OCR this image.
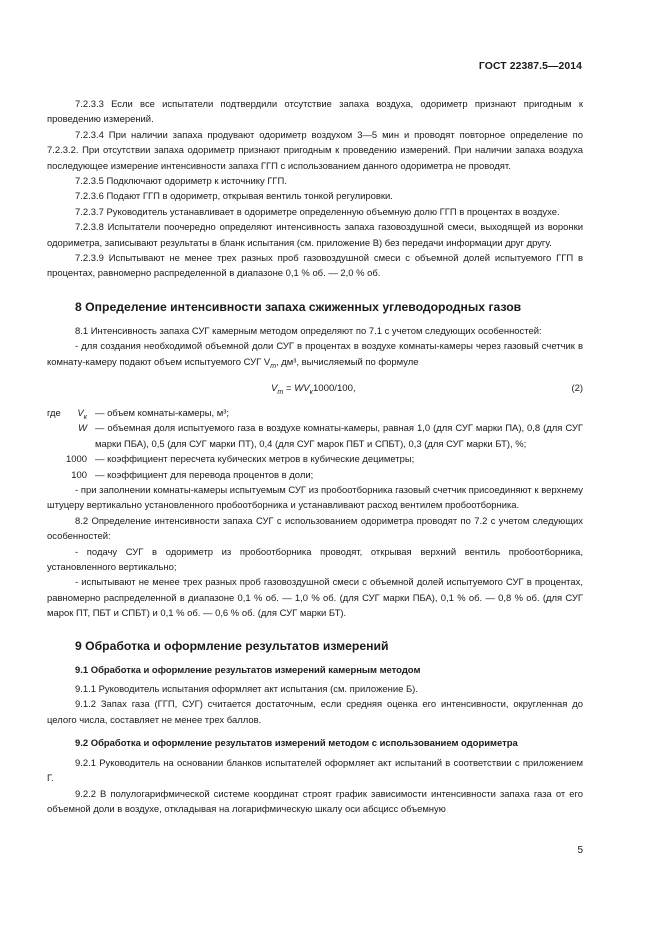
ГОСТ 22387.5—2014

7.2.3.3 Если все испытатели подтвердили отсутствие запаха воздуха, одориметр признают пригодным к проведению измерений.

7.2.3.4 При наличии запаха продувают одориметр воздухом 3—5 мин и проводят повторное определение по 7.2.3.2. При отсутствии запаха одориметр признают пригодным к проведению измерений. При наличии запаха воздуха последующее измерение интенсивности запаха ГГП с использованием данного одориметра не проводят.

7.2.3.5 Подключают одориметр к источнику ГГП.

7.2.3.6 Подают ГГП в одориметр, открывая вентиль тонкой регулировки.

7.2.3.7 Руководитель устанавливает в одориметре определенную объемную долю ГГП в процентах в воздухе.

7.2.3.8 Испытатели поочередно определяют интенсивность запаха газовоздушной смеси, выходящей из воронки одориметра, записывают результаты в бланк испытания (см. приложение В) без передачи информации друг другу.

7.2.3.9 Испытывают не менее трех разных проб газовоздушной смеси с объемной долей испытуемого ГГП в процентах, равномерно распределенной в диапазоне 0,1 % об. — 2,0 % об.

8 Определение интенсивности запаха сжиженных углеводородных газов

8.1 Интенсивность запаха СУГ камерным методом определяют по 7.1 с учетом следующих особенностей:

- для создания необходимой объемной доли СУГ в процентах в воздухе комнаты-камеры через газовый счетчик в комнату-камеру подают объем испытуемого СУГ $V_т$, дм³, вычисляемый по формуле

$V_т = WV_к1000/100$,	(2)
где	$V_к$ — объем комнаты-камеры, м³;
W — объемная доля испытуемого газа в воздухе комнаты-камеры, равная 1,0 (для СУГ марки ПА), 0,8 (для СУГ марки ПБА), 0,5 (для СУГ марки ПТ), 0,4 (для СУГ марок ПБТ и СПБТ), 0,3 (для СУГ марки БТ), %;
1000 — коэффициент пересчета кубических метров в кубические дециметры;
100 — коэффициент для перевода процентов в доли;

- при заполнении комнаты-камеры испытуемым СУГ из пробоотборника газовый счетчик присоединяют к верхнему штуцеру вертикально установленного пробоотборника и устанавливают расход вентилем пробоотборника.

8.2 Определение интенсивности запаха СУГ с использованием одориметра проводят по 7.2 с учетом следующих особенностей:

- подачу СУГ в одориметр из пробоотборника проводят, открывая верхний вентиль пробоотборника, установленного вертикально;

- испытывают не менее трех разных проб газовоздушной смеси с объемной долей испытуемого СУГ в процентах, равномерно распределенной в диапазоне 0,1 % об. — 1,0 % об. (для СУГ марки ПБА), 0,1 % об. — 0,8 % об. (для СУГ марок ПТ, ПБТ и СПБТ) и 0,1 % об. — 0,6 % об. (для СУГ марки БТ).

9 Обработка и оформление результатов измерений
9.1 Обработка и оформление результатов измерений камерным методом

9.1.1 Руководитель испытания оформляет акт испытания (см. приложение Б).

9.1.2 Запах газа (ГГП, СУГ) считается достаточным, если средняя оценка его интенсивности, округленная до целого числа, составляет не менее трех баллов.

9.2 Обработка и оформление результатов измерений методом с использованием одориметра

9.2.1 Руководитель на основании бланков испытателей оформляет акт испытаний в соответствии с приложением Г.

9.2.2 В полулогарифмической системе координат строят график зависимости интенсивности запаха газа от его объемной доли в воздухе, откладывая на логарифмическую шкалу оси абсцисс объемную

5
